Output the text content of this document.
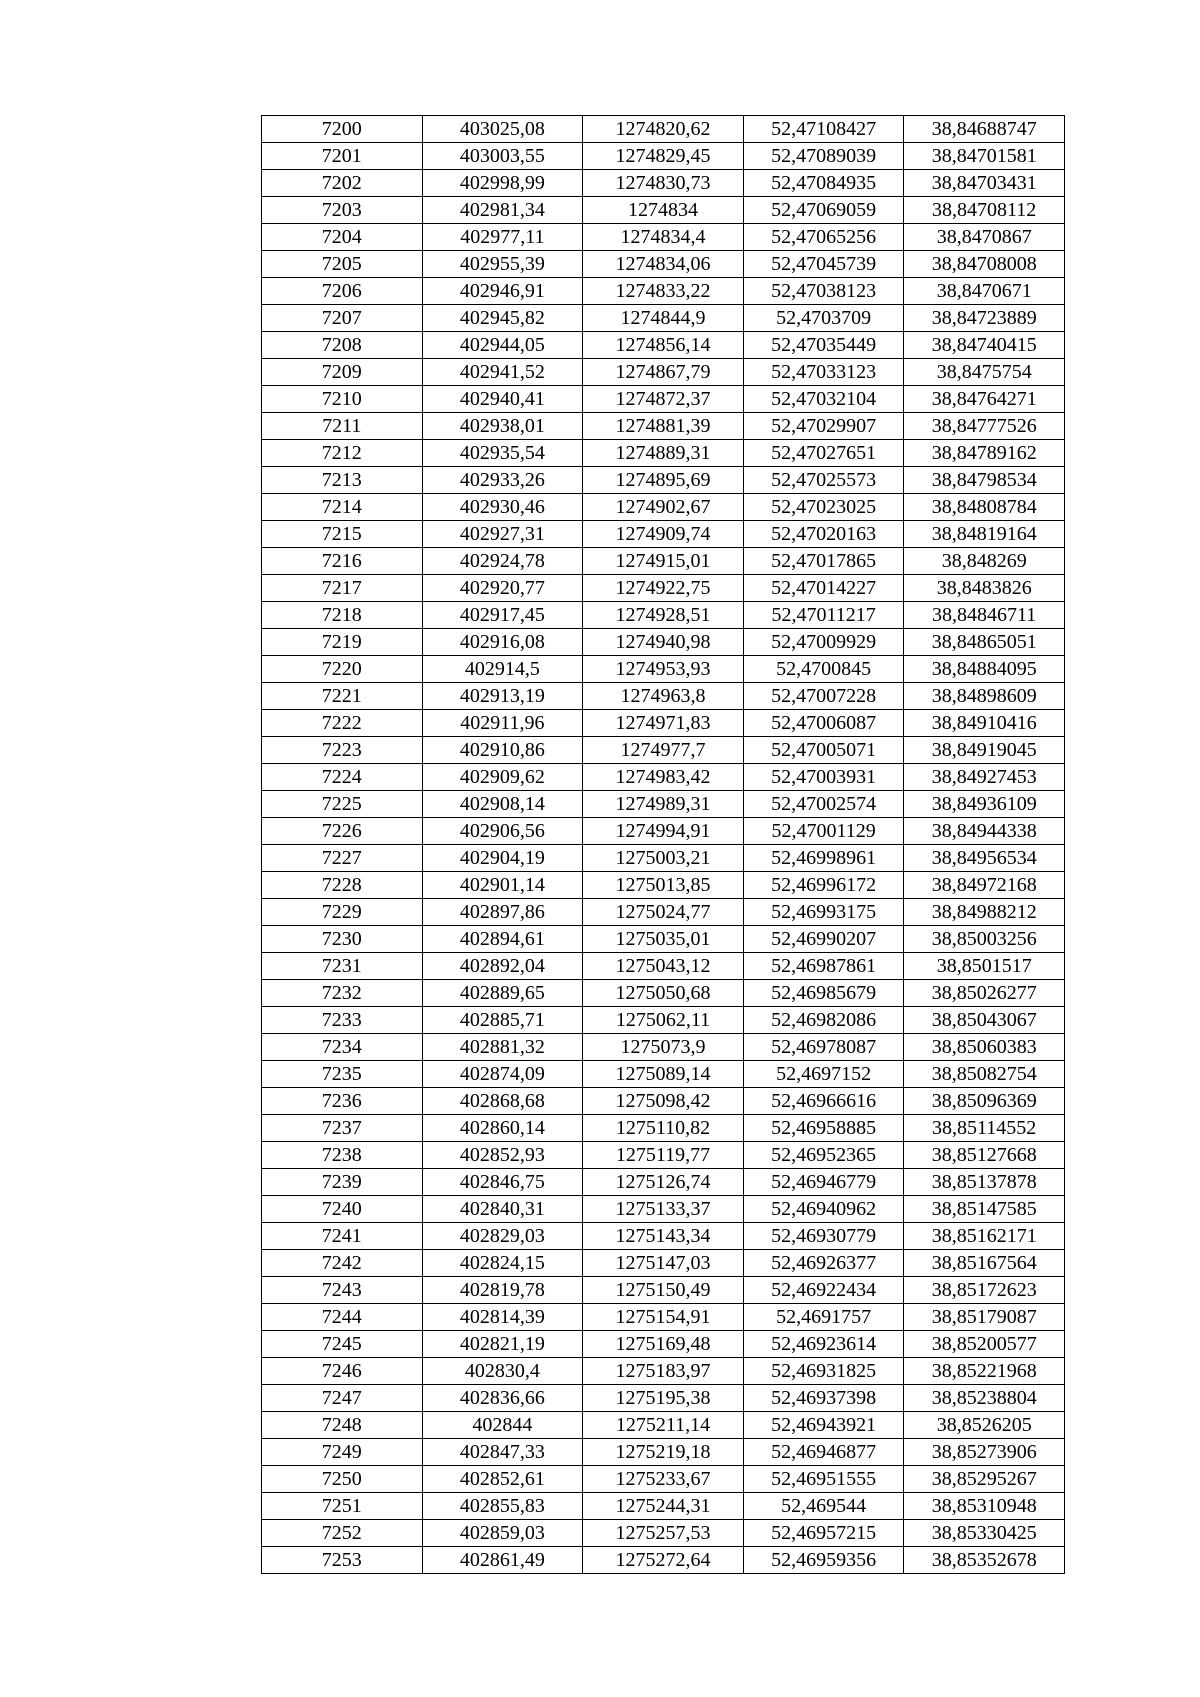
7200	403025,08	1274820,62	52,47108427	38,84688747
7201	403003,55	1274829,45	52,47089039	38,84701581
7202	402998,99	1274830,73	52,47084935	38,84703431
7203	402981,34	1274834	52,47069059	38,84708112
7204	402977,11	1274834,4	52,47065256	38,8470867
7205	402955,39	1274834,06	52,47045739	38,84708008
7206	402946,91	1274833,22	52,47038123	38,8470671
7207	402945,82	1274844,9	52,4703709	38,84723889
7208	402944,05	1274856,14	52,47035449	38,84740415
7209	402941,52	1274867,79	52,47033123	38,8475754
7210	402940,41	1274872,37	52,47032104	38,84764271
7211	402938,01	1274881,39	52,47029907	38,84777526
7212	402935,54	1274889,31	52,47027651	38,84789162
7213	402933,26	1274895,69	52,47025573	38,84798534
7214	402930,46	1274902,67	52,47023025	38,84808784
7215	402927,31	1274909,74	52,47020163	38,84819164
7216	402924,78	1274915,01	52,47017865	38,848269
7217	402920,77	1274922,75	52,47014227	38,8483826
7218	402917,45	1274928,51	52,47011217	38,84846711
7219	402916,08	1274940,98	52,47009929	38,84865051
7220	402914,5	1274953,93	52,4700845	38,84884095
7221	402913,19	1274963,8	52,47007228	38,84898609
7222	402911,96	1274971,83	52,47006087	38,84910416
7223	402910,86	1274977,7	52,47005071	38,84919045
7224	402909,62	1274983,42	52,47003931	38,84927453
7225	402908,14	1274989,31	52,47002574	38,84936109
7226	402906,56	1274994,91	52,47001129	38,84944338
7227	402904,19	1275003,21	52,46998961	38,84956534
7228	402901,14	1275013,85	52,46996172	38,84972168
7229	402897,86	1275024,77	52,46993175	38,84988212
7230	402894,61	1275035,01	52,46990207	38,85003256
7231	402892,04	1275043,12	52,46987861	38,8501517
7232	402889,65	1275050,68	52,46985679	38,85026277
7233	402885,71	1275062,11	52,46982086	38,85043067
7234	402881,32	1275073,9	52,46978087	38,85060383
7235	402874,09	1275089,14	52,4697152	38,85082754
7236	402868,68	1275098,42	52,46966616	38,85096369
7237	402860,14	1275110,82	52,46958885	38,85114552
7238	402852,93	1275119,77	52,46952365	38,85127668
7239	402846,75	1275126,74	52,46946779	38,85137878
7240	402840,31	1275133,37	52,46940962	38,85147585
7241	402829,03	1275143,34	52,46930779	38,85162171
7242	402824,15	1275147,03	52,46926377	38,85167564
7243	402819,78	1275150,49	52,46922434	38,85172623
7244	402814,39	1275154,91	52,4691757	38,85179087
7245	402821,19	1275169,48	52,46923614	38,85200577
7246	402830,4	1275183,97	52,46931825	38,85221968
7247	402836,66	1275195,38	52,46937398	38,85238804
7248	402844	1275211,14	52,46943921	38,8526205
7249	402847,33	1275219,18	52,46946877	38,85273906
7250	402852,61	1275233,67	52,46951555	38,85295267
7251	402855,83	1275244,31	52,469544	38,85310948
7252	402859,03	1275257,53	52,46957215	38,85330425
7253	402861,49	1275272,64	52,46959356	38,85352678
